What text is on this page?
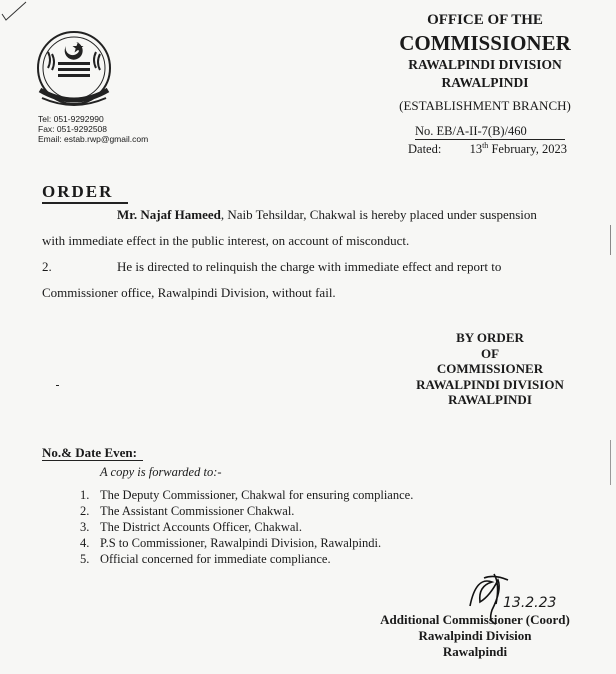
Tel: 051-9292990
Fax: 051-9292508
Email: estab.rwp@gmail.com
OFFICE OF THE
COMMISSIONER
RAWALPINDI DIVISION
RAWALPINDI
(ESTABLISHMENT BRANCH)
No. EB/A-II-7(B)/460
Dated: 13th February, 2023
ORDER
Mr. Najaf Hameed, Naib Tehsildar, Chakwal is hereby placed under suspension
with immediate effect in the public interest, on account of misconduct.
2.	He is directed to relinquish the charge with immediate effect and report to
Commissioner office, Rawalpindi Division, without fail.
BY ORDER
OF
COMMISSIONER
RAWALPINDI DIVISION
RAWALPINDI
No.& Date Even:
A copy is forwarded to:-
1. The Deputy Commissioner, Chakwal for ensuring compliance.
2. The Assistant Commissioner Chakwal.
3. The District Accounts Officer, Chakwal.
4. P.S to Commissioner, Rawalpindi Division, Rawalpindi.
5. Official concerned for immediate compliance.
13.2.23
Additional Commissioner (Coord)
Rawalpindi Division
Rawalpindi
